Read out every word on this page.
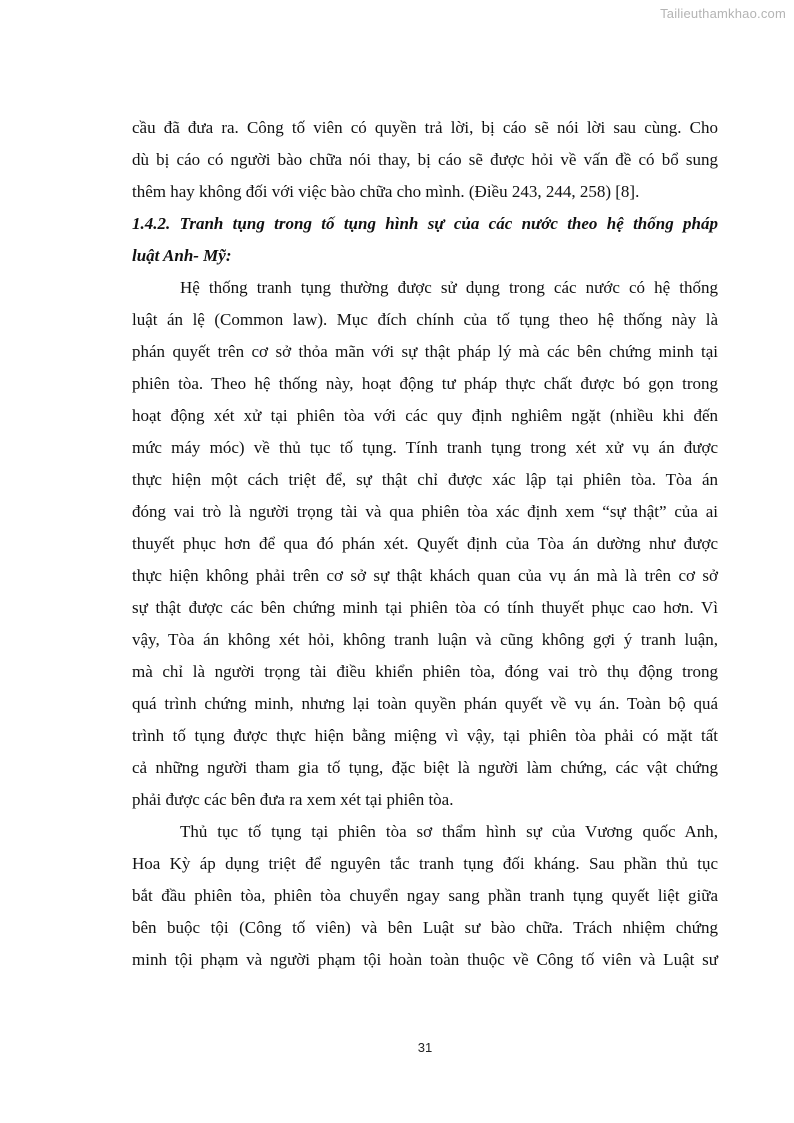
Tailieuthamkhao.com
cầu đã đưa ra. Công tố viên có quyền trả lời, bị cáo sẽ nói lời sau cùng. Cho
dù bị cáo có người bào chữa nói thay, bị cáo sẽ được hỏi về vấn đề có bổ sung
thêm hay không đối với việc bào chữa cho mình. (Điều 243, 244, 258) [8].
1.4.2. Tranh tụng trong tố tụng hình sự của các nước theo hệ thống pháp
luật Anh- Mỹ:
Hệ thống tranh tụng thường được sử dụng trong các nước có hệ thống
luật án lệ (Common law). Mục đích chính của tố tụng theo hệ thống này là
phán quyết trên cơ sở thỏa mãn với sự thật pháp lý mà các bên chứng minh tại
phiên tòa. Theo hệ thống này, hoạt động tư pháp thực chất được bó gọn trong
hoạt động xét xử tại phiên tòa với các quy định nghiêm ngặt (nhiều khi đến
mức máy móc) về thủ tục tố tụng. Tính tranh tụng trong xét xử vụ án được
thực hiện một cách triệt để, sự thật chỉ được xác lập tại phiên tòa. Tòa án
đóng vai trò là người trọng tài và qua phiên tòa xác định xem “sự thật” của ai
thuyết phục hơn để qua đó phán xét. Quyết định của Tòa án dường như được
thực hiện không phải trên cơ sở sự thật khách quan của vụ án mà là trên cơ sở
sự thật được các bên chứng minh tại phiên tòa có tính thuyết phục cao hơn. Vì
vậy, Tòa án không xét hỏi, không tranh luận và cũng không gợi ý tranh luận,
mà chỉ là người trọng tài điều khiển phiên tòa, đóng vai trò thụ động trong
quá trình chứng minh, nhưng lại toàn quyền phán quyết về vụ án. Toàn bộ quá
trình tố tụng được thực hiện bằng miệng vì vậy, tại phiên tòa phải có mặt tất
cả những người tham gia tố tụng, đặc biệt là người làm chứng, các vật chứng
phải được các bên đưa ra xem xét tại phiên tòa.
Thủ tục tố tụng tại phiên tòa sơ thẩm hình sự của Vương quốc Anh,
Hoa Kỳ áp dụng triệt để nguyên tắc tranh tụng đối kháng. Sau phần thủ tục
bắt đầu phiên tòa, phiên tòa chuyển ngay sang phần tranh tụng quyết liệt giữa
bên buộc tội (Công tố viên) và bên Luật sư bào chữa. Trách nhiệm chứng
minh tội phạm và người phạm tội hoàn toàn thuộc về Công tố viên và Luật sư
31
